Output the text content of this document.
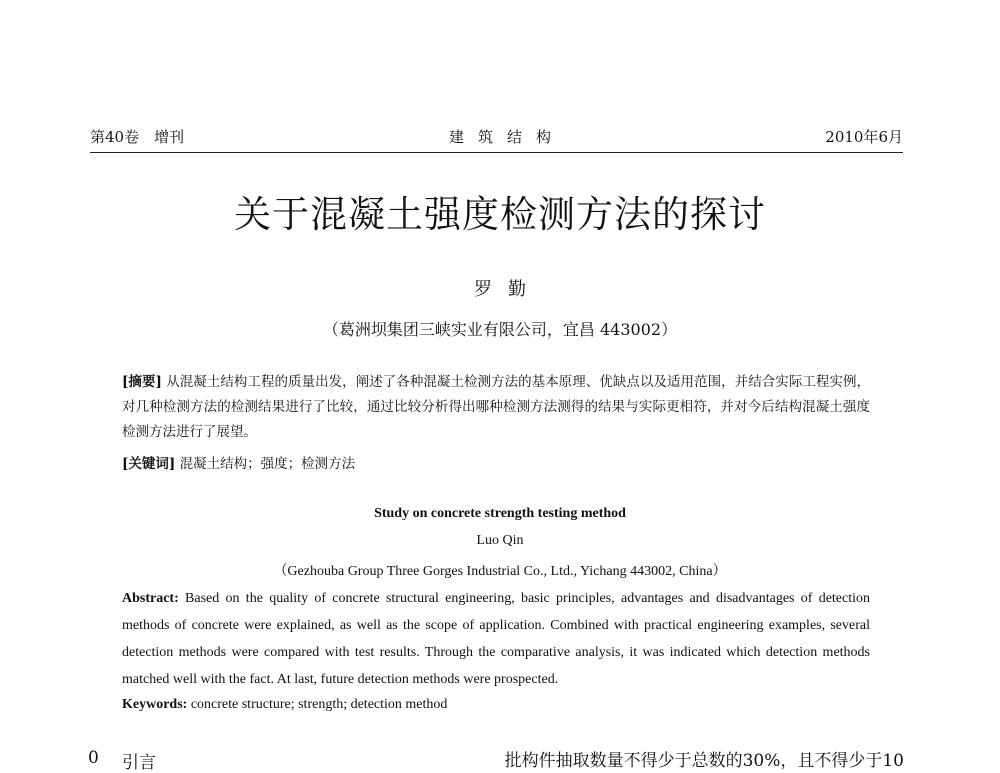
第40卷　增刊	建筑结构	2010年6月
关于混凝土强度检测方法的探讨
罗勤
（葛洲坝集团三峡实业有限公司，宜昌 443002）
[摘要] 从混凝土结构工程的质量出发，阐述了各种混凝土检测方法的基本原理、优缺点以及适用范围，并结合实际工程实例，对几种检测方法的检测结果进行了比较，通过比较分析得出哪种检测方法测得的结果与实际更相符，并对今后结构混凝土强度检测方法进行了展望。
[关键词] 混凝土结构；强度；检测方法
Study on concrete strength testing method
Luo Qin
（Gezhouba Group Three Gorges Industrial Co., Ltd., Yichang 443002, China）
Abstract: Based on the quality of concrete structural engineering, basic principles, advantages and disadvantages of detection methods of concrete were explained, as well as the scope of application. Combined with practical engineering examples, several detection methods were compared with test results. Through the comparative analysis, it was indicated which detection methods matched well with the fact. At last, future detection methods were prospected.
Keywords: concrete structure; strength; detection method
0 引言	批构件抽取数量不得少于总数的30%，且不得少于10
